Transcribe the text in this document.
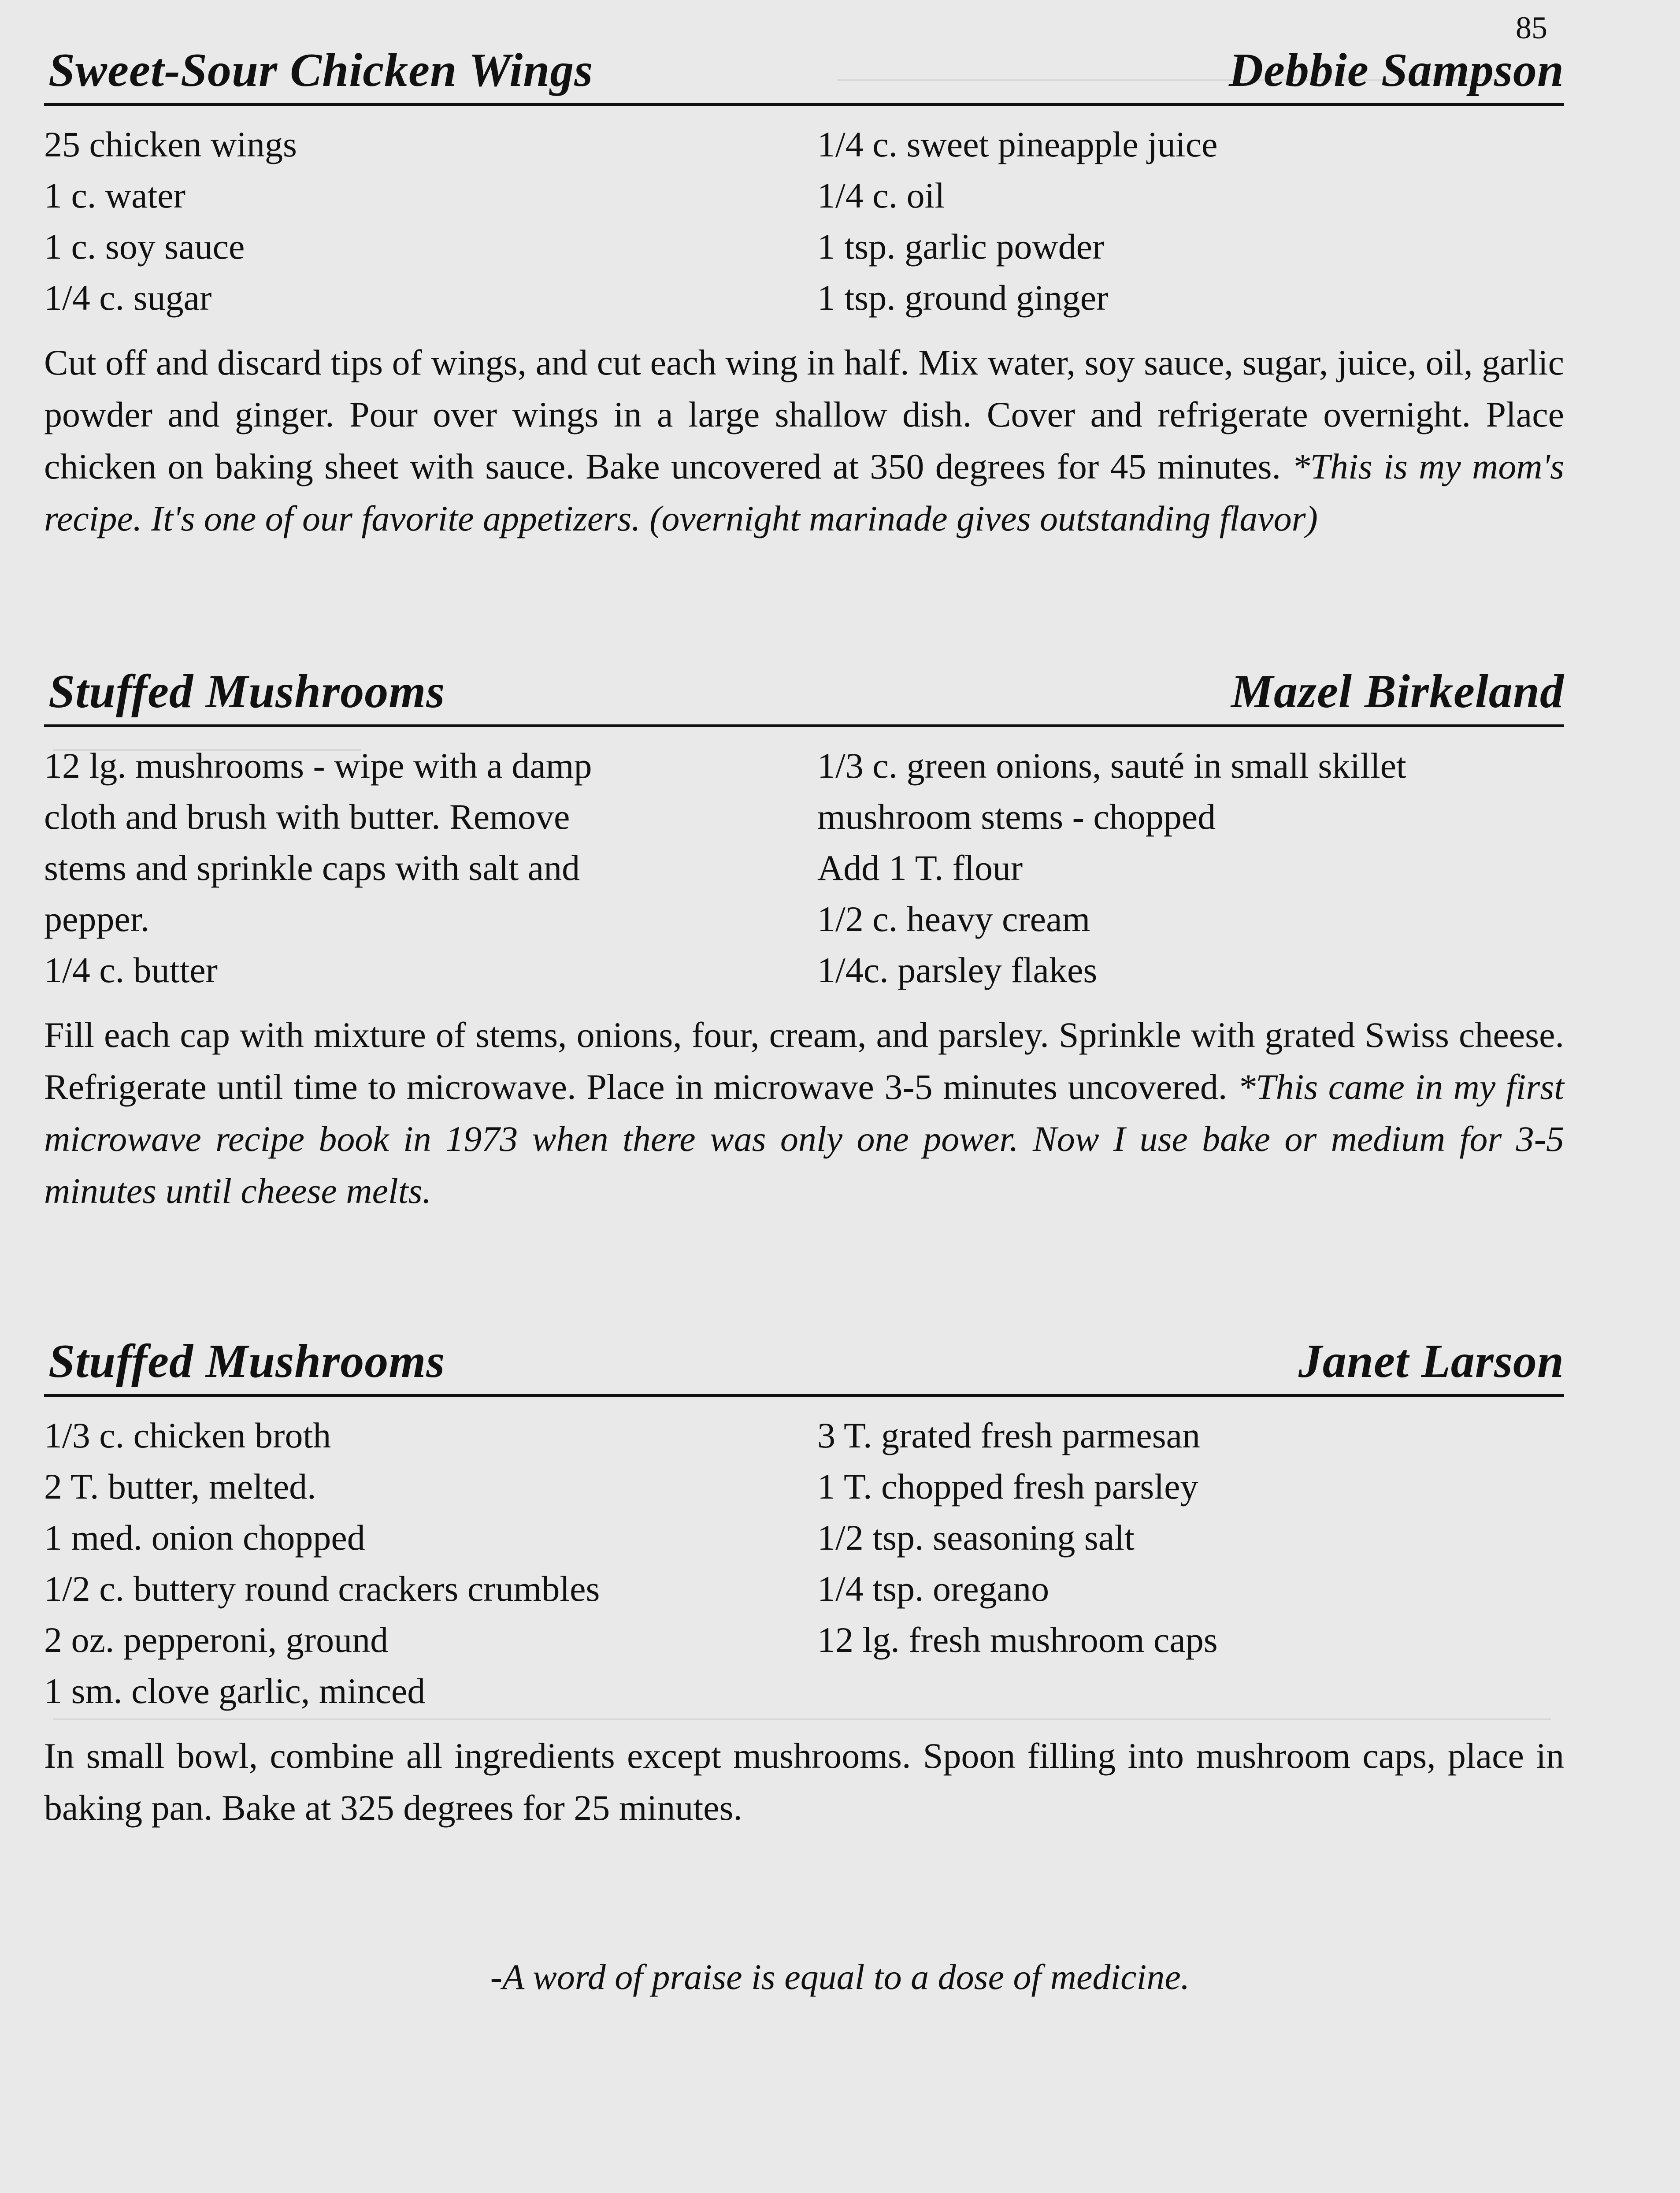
85
Sweet-Sour Chicken Wings	Debbie Sampson
25 chicken wings
1 c. water
1 c. soy sauce
1/4 c. sugar
1/4 c. sweet pineapple juice
1/4 c. oil
1 tsp. garlic powder
1 tsp. ground ginger

Cut off and discard tips of wings, and cut each wing in half. Mix water, soy sauce, sugar, juice, oil, garlic powder and ginger. Pour over wings in a large shallow dish. Cover and refrigerate overnight. Place chicken on baking sheet with sauce. Bake uncovered at 350 degrees for 45 minutes. *This is my mom's recipe. It's one of our favorite appetizers. (overnight marinade gives outstanding flavor)

Stuffed Mushrooms	Mazel Birkeland
12 lg. mushrooms - wipe with a damp
cloth and brush with butter. Remove
stems and sprinkle caps with salt and
pepper.
1/4 c. butter
1/3 c. green onions, sauté in small skillet
mushroom stems - chopped
Add 1 T. flour
1/2 c. heavy cream
1/4c. parsley flakes

Fill each cap with mixture of stems, onions, four, cream, and parsley. Sprinkle with grated Swiss cheese. Refrigerate until time to microwave. Place in microwave 3-5 minutes uncovered. *This came in my first microwave recipe book in 1973 when there was only one power. Now I use bake or medium for 3-5 minutes until cheese melts.

Stuffed Mushrooms	Janet Larson
1/3 c. chicken broth
2 T. butter, melted.
1 med. onion chopped
1/2 c. buttery round crackers crumbles
2 oz. pepperoni, ground
1 sm. clove garlic, minced
3 T. grated fresh parmesan
1 T. chopped fresh parsley
1/2 tsp. seasoning salt
1/4 tsp. oregano
12 lg. fresh mushroom caps

In small bowl, combine all ingredients except mushrooms. Spoon filling into mushroom caps, place in baking pan. Bake at 325 degrees for 25 minutes.

-A word of praise is equal to a dose of medicine.
